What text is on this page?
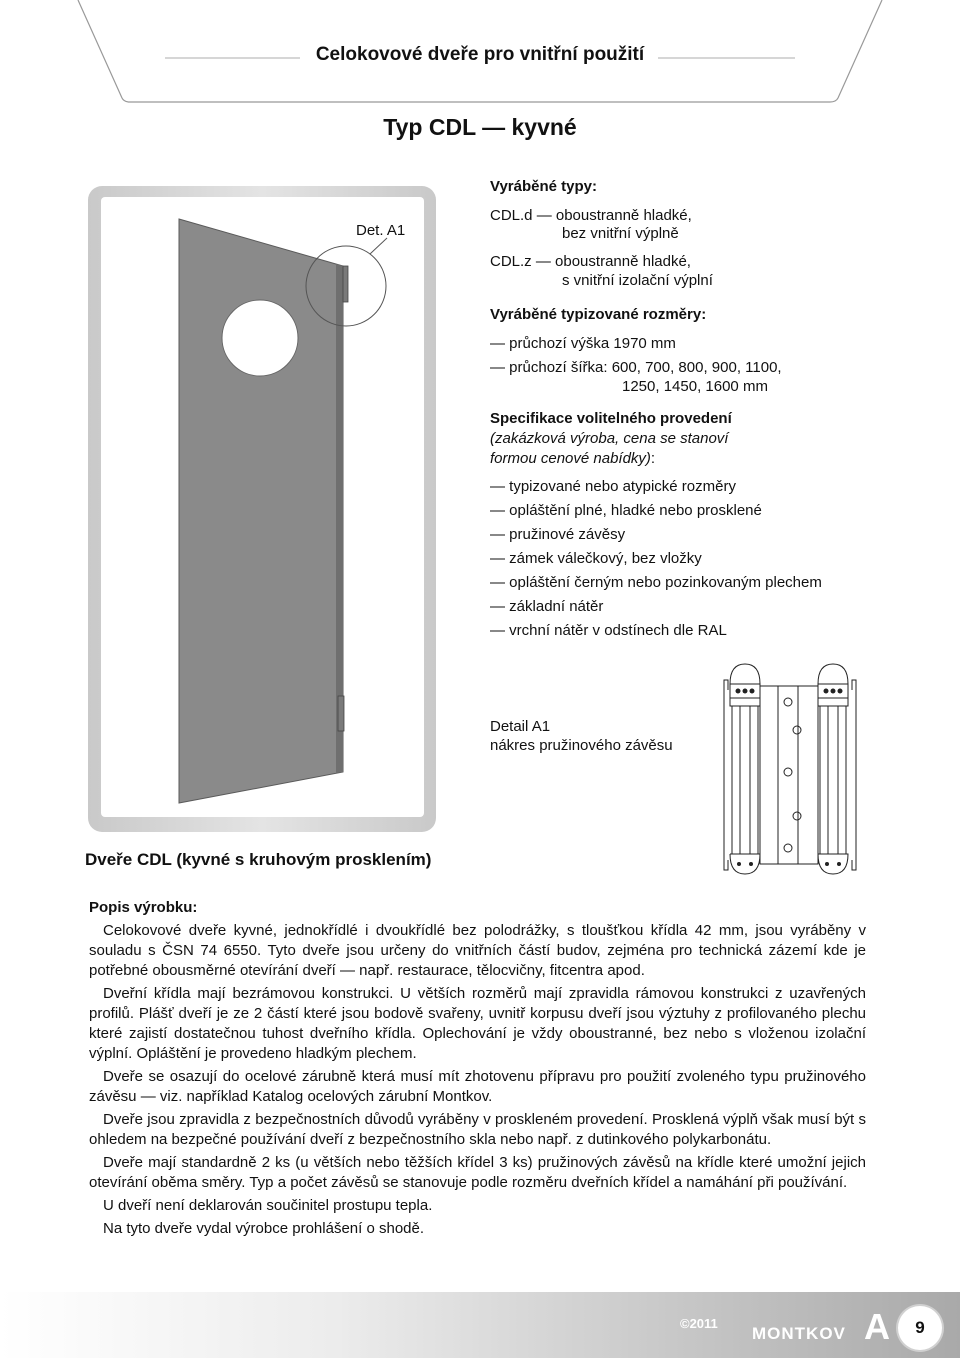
Celokovové dveře pro vnitřní použití
Typ CDL — kyvné
Det. A1
Vyráběné typy:
CDL.d — oboustranně hladké,
bez vnitřní výplně
CDL.z — oboustranně hladké,
s vnitřní izolační výplní
Vyráběné typizované rozměry:
— průchozí výška 1970 mm
— průchozí šířka: 600, 700, 800, 900, 1100,
1250, 1450, 1600 mm
Specifikace volitelného provedení
(zakázková výroba, cena se stanoví
formou cenové nabídky):
— typizované nebo atypické rozměry
— opláštění plné, hladké nebo prosklené
— pružinové závěsy
— zámek válečkový, bez vložky
— opláštění černým nebo pozinkovaným plechem
— základní nátěr
— vrchní nátěr v odstínech dle RAL
Detail A1
nákres pružinového závěsu
Dveře CDL (kyvné s kruhovým prosklením)

Popis výrobku:

Celokovové dveře kyvné, jednokřídlé i dvoukřídlé bez polodrážky, s tloušťkou křídla 42 mm, jsou vyráběny v souladu s ČSN 74 6550. Tyto dveře jsou určeny do vnitřních částí budov, zejména pro technická zázemí kde je potřebné obousměrné otevírání dveří — např. restaurace, tělocvičny, fitcentra apod.

Dveřní křídla mají bezrámovou konstrukci. U větších rozměrů mají zpravidla rámovou konstrukci z uzavřených profilů. Plášť dveří je ze 2 částí které jsou bodově svařeny, uvnitř korpusu dveří jsou výztuhy z profilovaného plechu které zajistí dostatečnou tuhost dveřního křídla. Oplechování je vždy oboustranné, bez nebo s vloženou izolační výplní. Opláštění je provedeno hladkým plechem.

Dveře se osazují do ocelové zárubně která musí mít zhotovenu přípravu pro použití zvoleného typu pružinového závěsu — viz. například Katalog ocelových zárubní Montkov.

Dveře jsou zpravidla z bezpečnostních důvodů vyráběny v proskleném provedení. Prosklená výplň však musí být s ohledem na bezpečné používání dveří z bezpečnostního skla nebo např. z dutinkového polykarbonátu.

Dveře mají standardně 2 ks (u větších nebo těžších křídel 3 ks) pružinových závěsů na křídle které umožní jejich otevírání oběma směry. Typ a počet závěsů se stanovuje podle rozměru dveřních křídel a namáhání při používání.

U dveří není deklarován součinitel prostupu tepla.

Na tyto dveře vydal výrobce prohlášení o shodě.

©2011
MONTKOV A	9
